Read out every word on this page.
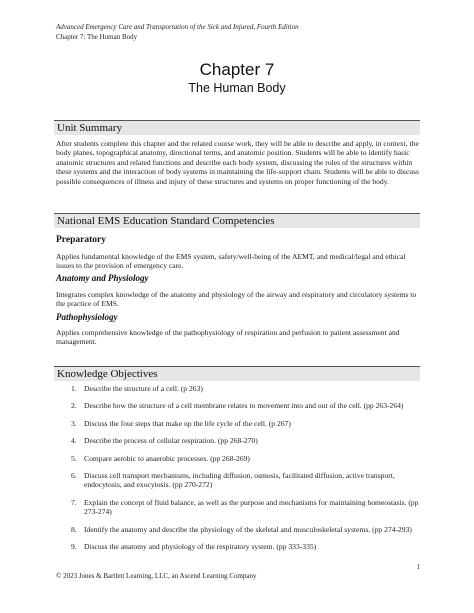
Advanced Emergency Care and Transportation of the Sick and Injured, Fourth Edition
Chapter 7: The Human Body
Chapter 7
The Human Body
Unit Summary

After students complete this chapter and the related course work, they will be able to describe and apply, in context, the body planes, topographical anatomy, directional terms, and anatomic position. Students will be able to identify basic anatomic structures and related functions and describe each body system, discussing the roles of the structures within these systems and the interaction of body systems in maintaining the life-support chain. Students will be able to discuss possible consequences of illness and injury of these structures and systems on proper functioning of the body.

National EMS Education Standard Competencies
Preparatory

Applies fundamental knowledge of the EMS system, safety/well-being of the AEMT, and medical/legal and ethical issues to the provision of emergency care.

Anatomy and Physiology

Integrates complex knowledge of the anatomy and physiology of the airway and respiratory and circulatory systems to the practice of EMS.

Pathophysiology

Applies comprehensive knowledge of the pathophysiology of respiration and perfusion to patient assessment and management.

Knowledge Objectives
1. Describe the structure of a cell. (p 263)
2. Describe how the structure of a cell membrane relates to movement into and out of the cell. (pp 263-264)
3. Discuss the four steps that make up the life cycle of the cell. (p 267)
4. Describe the process of cellular respiration. (pp 268-270)
5. Compare aerobic to anaerobic processes. (pp 268-269)
6. Discuss cell transport mechanisms, including diffusion, osmosis, facilitated diffusion, active transport, endocytosis, and exocytosis. (pp 270-272)
7. Explain the concept of fluid balance, as well as the purpose and mechanisms for maintaining homeostasis. (pp 273-274)
8. Identify the anatomy and describe the physiology of the skeletal and musculoskeletal systems. (pp 274-293)
9. Discuss the anatomy and physiology of the respiratory system. (pp 333-335)
1
© 2023 Jones & Bartlett Learning, LLC, an Ascend Learning Company
